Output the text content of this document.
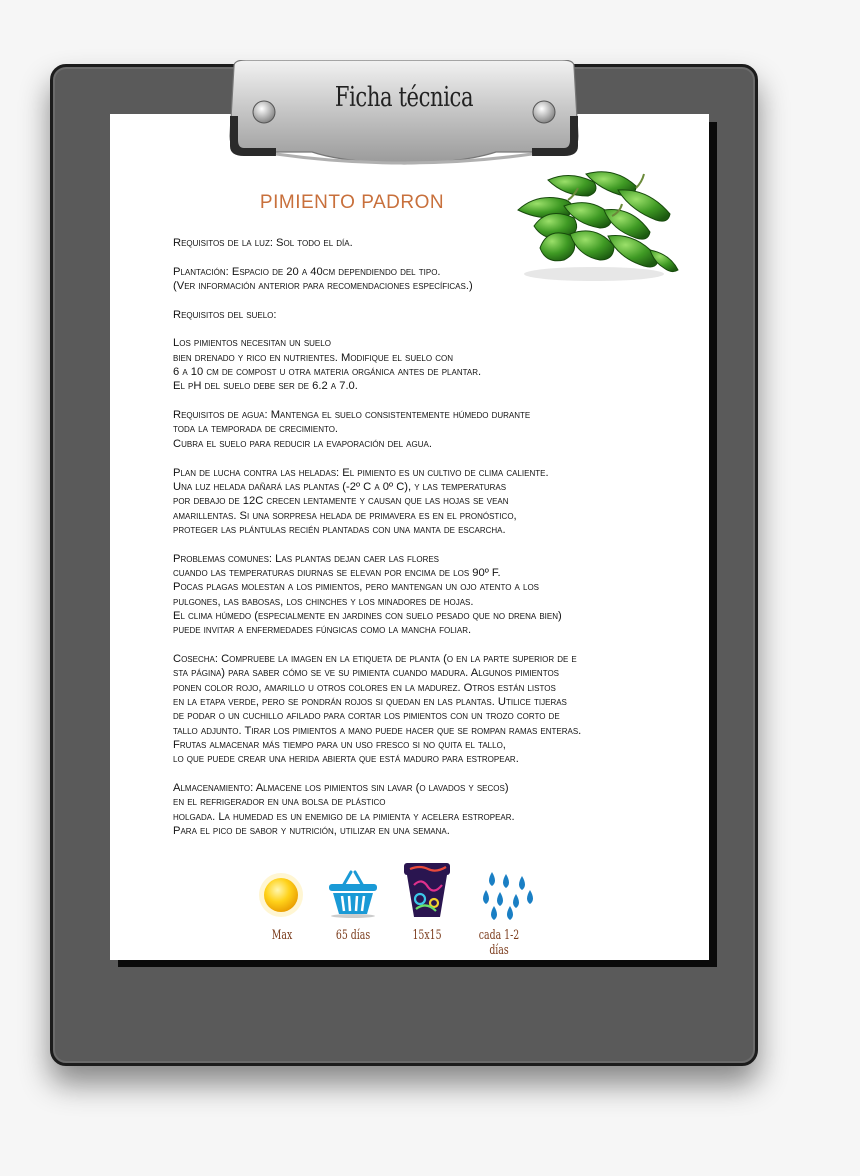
Ficha técnica
PIMIENTO PADRON
Requisitos de la luz: Sol todo el día.
Plantación: Espacio de 20 a 40cm dependiendo del tipo.
(Ver información anterior para recomendaciones específicas.)
Requisitos del suelo:
Los pimientos necesitan un suelo
bien drenado y rico en nutrientes. Modifique el suelo con
6 a 10 cm de compost u otra materia orgánica antes de plantar.
El pH del suelo debe ser de 6.2 a 7.0.
Requisitos de agua: Mantenga el suelo consistentemente húmedo durante
toda la temporada de crecimiento.
Cubra el suelo para reducir la evaporación del agua.
Plan de lucha contra las heladas: El pimiento es un cultivo de clima caliente.
Una luz helada dañará las plantas (-2º C a 0º C), y las temperaturas
por debajo de 12C crecen lentamente y causan que las hojas se vean
amarillentas. Si una sorpresa helada de primavera es en el pronóstico,
proteger las plántulas recién plantadas con una manta de escarcha.
Problemas comunes: Las plantas dejan caer las flores
cuando las temperaturas diurnas se elevan por encima de los 90º F.
Pocas plagas molestan a los pimientos, pero mantengan un ojo atento a los
pulgones, las babosas, los chinches y los minadores de hojas.
El clima húmedo (especialmente en jardines con suelo pesado que no drena bien)
puede invitar a enfermedades fúngicas como la mancha foliar.
Cosecha: Compruebe la imagen en la etiqueta de planta (o en la parte superior de e
sta página) para saber cómo se ve su pimienta cuando madura. Algunos pimientos
ponen color rojo, amarillo u otros colores en la madurez. Otros están listos
en la etapa verde, pero se pondrán rojos si quedan en las plantas. Utilice tijeras
de podar o un cuchillo afilado para cortar los pimientos con un trozo corto de
tallo adjunto. Tirar los pimientos a mano puede hacer que se rompan ramas enteras.
Frutas almacenar más tiempo para un uso fresco si no quita el tallo,
lo que puede crear una herida abierta que está maduro para estropear.
Almacenamiento: Almacene los pimientos sin lavar (o lavados y secos)
en el refrigerador en una bolsa de plástico
holgada. La humedad es un enemigo de la pimienta y acelera estropear.
Para el pico de sabor y nutrición, utilizar en una semana.
Max	65 días	15x15	cada 1-2 días
